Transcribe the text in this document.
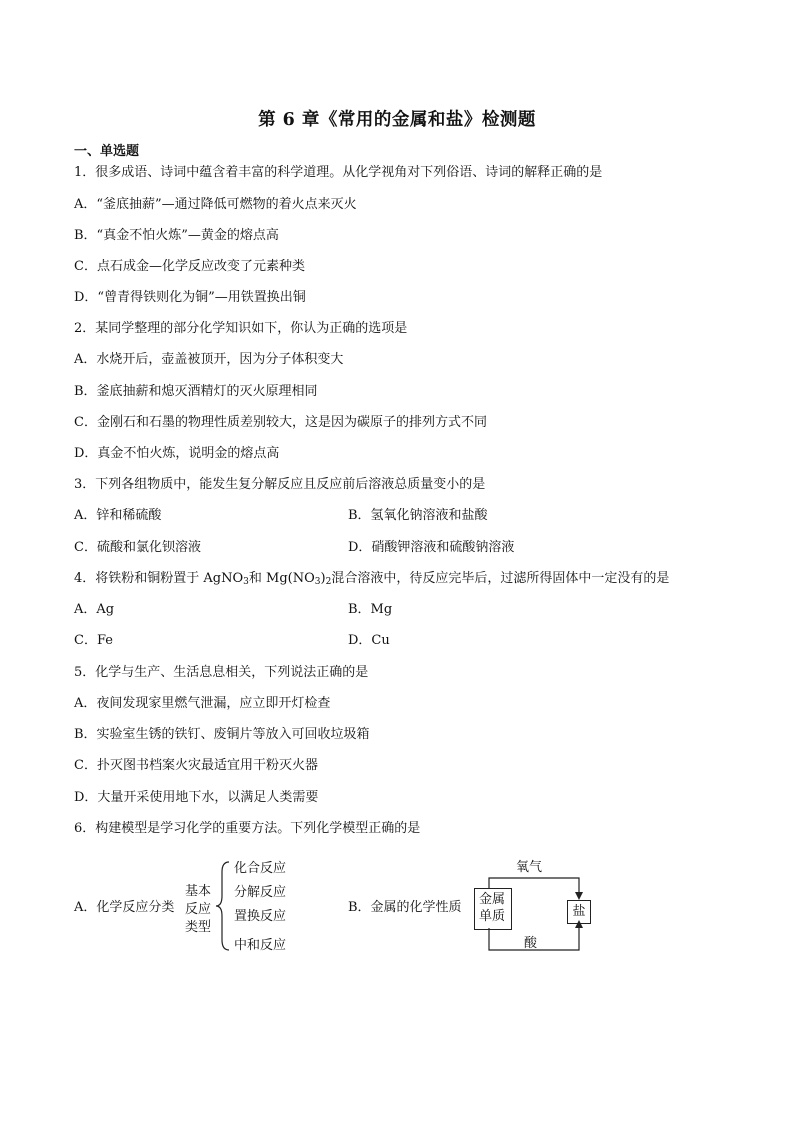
第 6 章《常用的金属和盐》检测题
一、单选题
1．很多成语、诗词中蕴含着丰富的科学道理。从化学视角对下列俗语、诗词的解释正确的是
A．“釜底抽薪”—通过降低可燃物的着火点来灭火
B．“真金不怕火炼”—黄金的熔点高
C．点石成金—化学反应改变了元素种类
D．“曾青得铁则化为铜”—用铁置换出铜
2．某同学整理的部分化学知识如下，你认为正确的选项是
A．水烧开后，壶盖被顶开，因为分子体积变大
B．釜底抽薪和熄灭酒精灯的灭火原理相同
C．金刚石和石墨的物理性质差别较大，这是因为碳原子的排列方式不同
D．真金不怕火炼，说明金的熔点高
3．下列各组物质中，能发生复分解反应且反应前后溶液总质量变小的是
A．锌和稀硫酸	B．氢氧化钠溶液和盐酸
C．硫酸和氯化钡溶液	D．硝酸钾溶液和硫酸钠溶液
4．将铁粉和铜粉置于 AgNO$_3$和 $Mg(NO_3)_2$混合溶液中，待反应完毕后，过滤所得固体中一定没有的是
A．Ag	B．Mg
C．Fe	D．Cu
5．化学与生产、生活息息相关，下列说法正确的是
A．夜间发现家里燃气泄漏，应立即开灯检查
B．实验室生锈的铁钉、废铜片等放入可回收垃圾箱
C．扑灭图书档案火灾最适宜用干粉灭火器
D．大量开采使用地下水，以满足人类需要
6．构建模型是学习化学的重要方法。下列化学模型正确的是
A．化学反应分类
基本
反应
类型
化合反应
分解反应
置换反应
中和反应
B．金属的化学性质
氧气
酸
金属
单质	盐
